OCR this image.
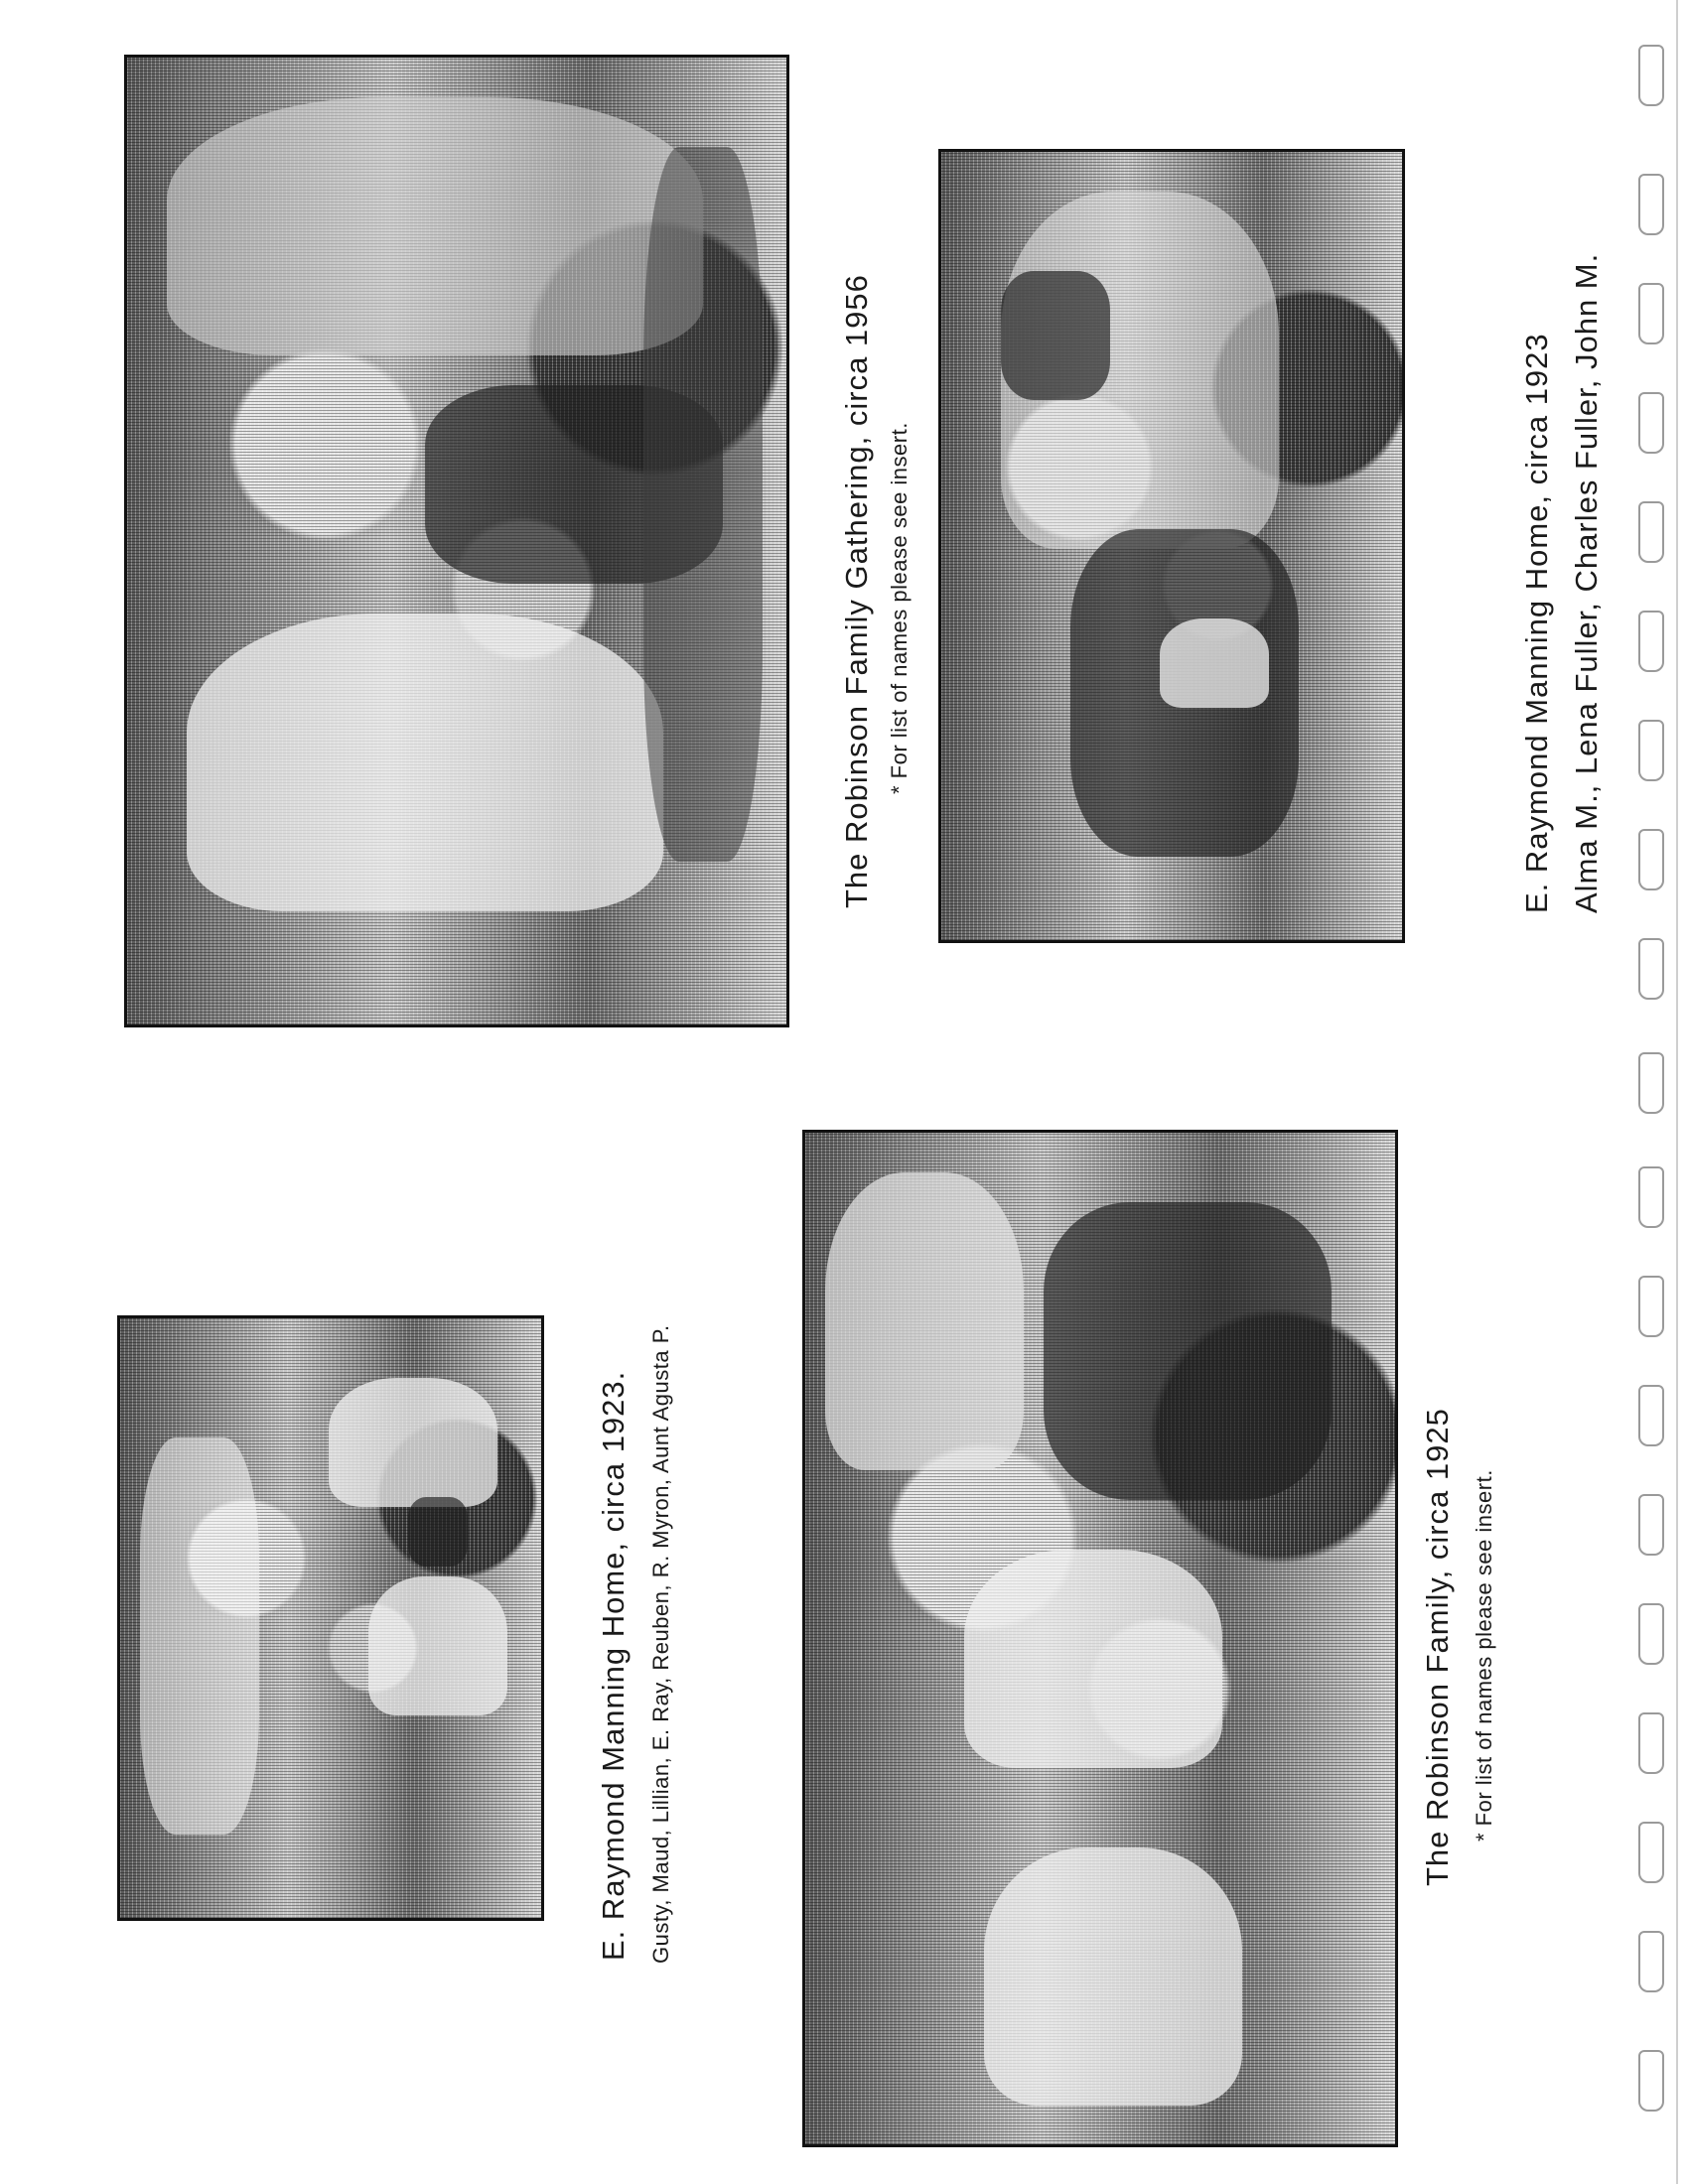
E. Raymond Manning Home, circa 1923. Gusty, Maud, Lillian, E. Ray, Reuben, R. Myron, Aunt Agusta P.	The Robinson Family, circa 1925 * For list of names please see insert.
The Robinson Family Gathering, circa 1956 * For list of names please see insert.	E. Raymond Manning Home, circa 1923 Alma M., Lena Fuller, Charles Fuller, John M.
